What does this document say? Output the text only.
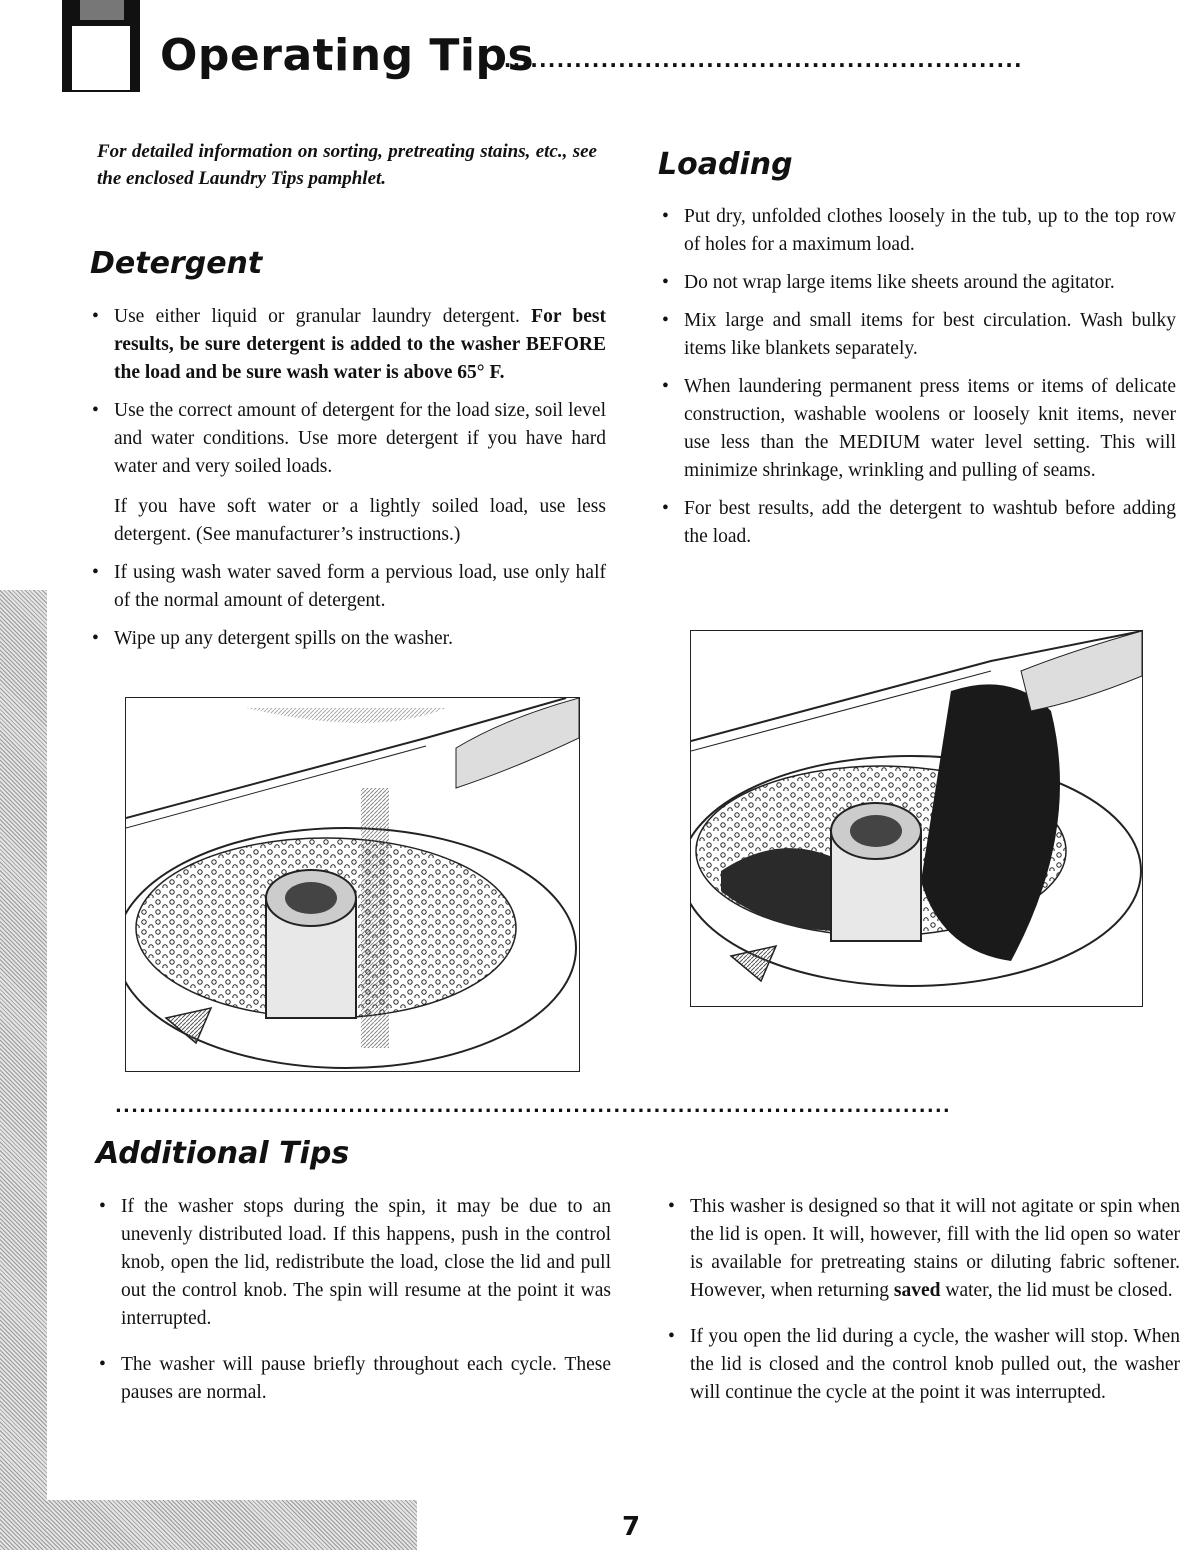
Operating Tips
............................................................
For detailed information on sorting, pretreating stains, etc., see the enclosed Laundry Tips pamphlet.
Detergent
• Use either liquid or granular laundry detergent. For best results, be sure detergent is added to the washer BEFORE the load and be sure wash water is above 65° F.
• Use the correct amount of detergent for the load size, soil level and water conditions. Use more detergent if you have hard water and very soiled loads.

If you have soft water or a lightly soiled load, use less detergent. (See manufacturer’s instructions.)

• If using wash water saved form a pervious load, use only half of the normal amount of detergent.
• Wipe up any detergent spills on the washer.
Loading
• Put dry, unfolded clothes loosely in the tub, up to the top row of holes for a maximum load.
• Do not wrap large items like sheets around the agitator.
• Mix large and small items for best circulation. Wash bulky items like blankets separately.
• When laundering permanent press items or items of delicate construction, washable woolens or loosely knit items, never use less than the MEDIUM water level setting. This will minimize shrinkage, wrinkling and pulling of seams.
• For best results, add the detergent to washtub before adding the load.
........................................................................................................
Additional Tips
• If the washer stops during the spin, it may be due to an unevenly distributed load. If this happens, push in the control knob, open the lid, redistribute the load, close the lid and pull out the control knob. The spin will resume at the point it was interrupted.
• The washer will pause briefly throughout each cycle. These pauses are normal.
• This washer is designed so that it will not agitate or spin when the lid is open. It will, however, fill with the lid open so water is available for pretreating stains or diluting fabric softener. However, when returning saved water, the lid must be closed.
• If you open the lid during a cycle, the washer will stop. When the lid is closed and the control knob pulled out, the washer will continue the cycle at the point it was interrupted.
7
